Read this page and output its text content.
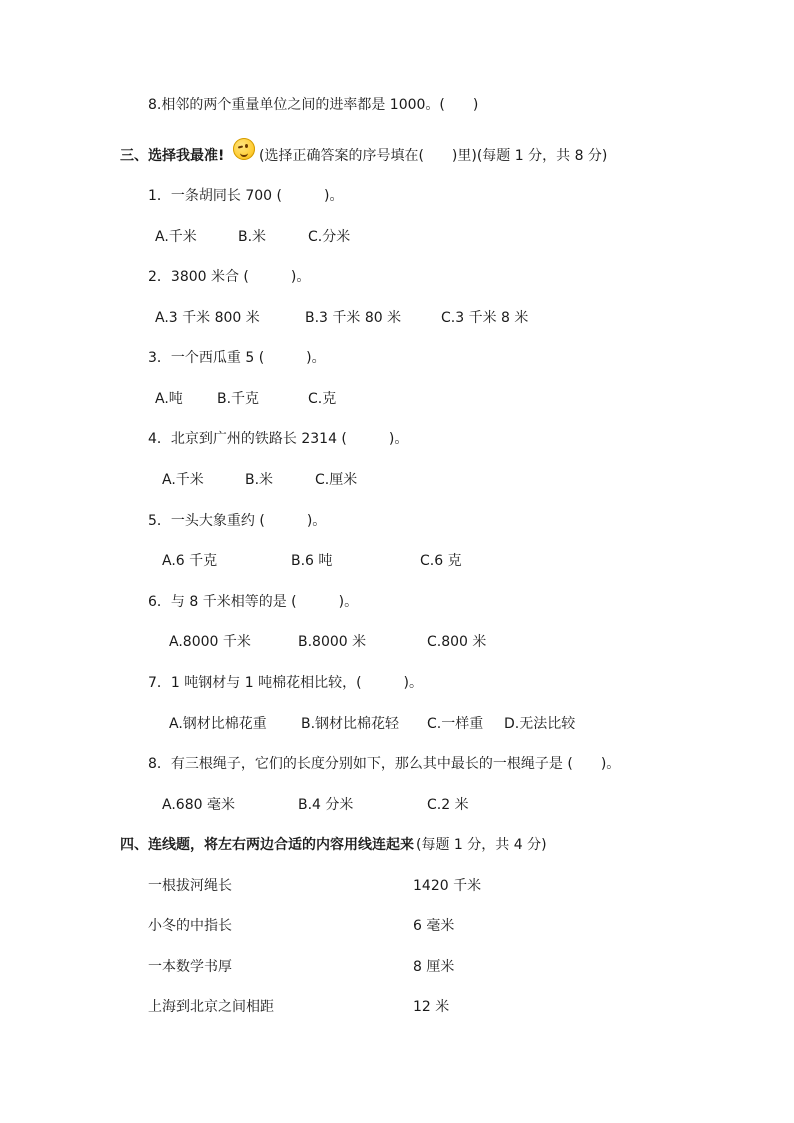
8.相邻的两个重量单位之间的进率都是 1000。(　　)
三、选择我最准! (选择正确答案的序号填在(　　)里)(每题 1 分，共 8 分)
1．一条胡同长 700 (　　　)。
A.千米	B.米	C.分米
2．3800 米合 (　　　)。
A.3 千米 800 米	B.3 千米 80 米	C.3 千米 8 米
3．一个西瓜重 5 (　　　)。
A.吨 B.千克	C.克
4．北京到广州的铁路长 2314 (　　　)。
A.千米	B.米	C.厘米
5．一头大象重约 (　　　)。
A.6 千克	B.6 吨	C.6 克
6．与 8 千米相等的是 (　　　)。
A.8000 千米	B.8000 米	C.800 米
7．1 吨钢材与 1 吨棉花相比较，(　　　)。
A.钢材比棉花重 B.钢材比棉花轻 C.一样重 D.无法比较
8．有三根绳子，它们的长度分别如下，那么其中最长的一根绳子是 (　　)。
A.680 毫米	B.4 分米	C.2 米
四、连线题，将左右两边合适的内容用线连起来 (每题 1 分，共 4 分)
一根拔河绳长	1420 千米
小冬的中指长	6 毫米
一本数学书厚	8 厘米
上海到北京之间相距	12 米
